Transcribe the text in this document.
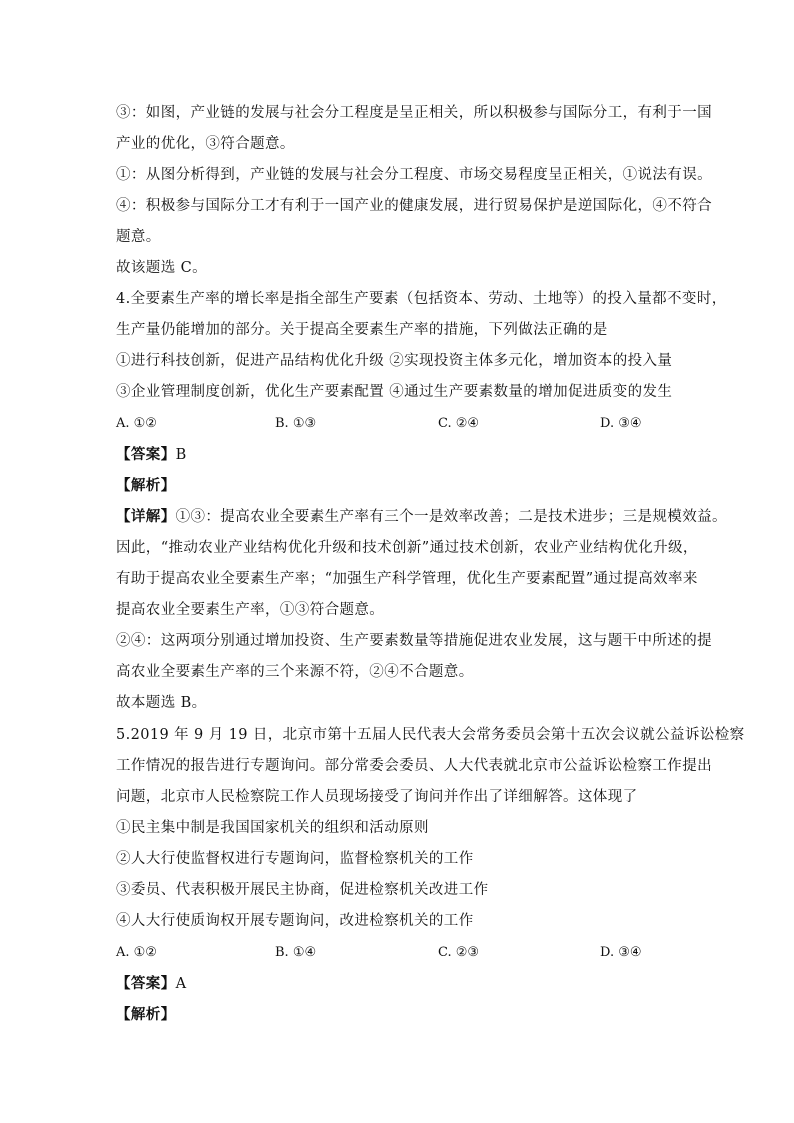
③：如图，产业链的发展与社会分工程度是呈正相关，所以积极参与国际分工，有利于一国
产业的优化，③符合题意。
①：从图分析得到，产业链的发展与社会分工程度、市场交易程度呈正相关，①说法有误。
④：积极参与国际分工才有利于一国产业的健康发展，进行贸易保护是逆国际化，④不符合
题意。
故该题选 C。
4.全要素生产率的增长率是指全部生产要素（包括资本、劳动、土地等）的投入量都不变时，
生产量仍能增加的部分。关于提高全要素生产率的措施，下列做法正确的是
①进行科技创新，促进产品结构优化升级 ②实现投资主体多元化，增加资本的投入量
③企业管理制度创新，优化生产要素配置 ④通过生产要素数量的增加促进质变的发生
A. ①②	B. ①③	C. ②④	D. ③④
【答案】B
【解析】
【详解】①③：提高农业全要素生产率有三个一是效率改善；二是技术进步；三是规模效益。
因此，“推动农业产业结构优化升级和技术创新”通过技术创新，农业产业结构优化升级，
有助于提高农业全要素生产率；“加强生产科学管理，优化生产要素配置”通过提高效率来
提高农业全要素生产率，①③符合题意。
②④：这两项分别通过增加投资、生产要素数量等措施促进农业发展，这与题干中所述的提
高农业全要素生产率的三个来源不符，②④不合题意。
故本题选 B。
5.2019 年 9 月 19 日，北京市第十五届人民代表大会常务委员会第十五次会议就公益诉讼检察
工作情况的报告进行专题询问。部分常委会委员、人大代表就北京市公益诉讼检察工作提出
问题，北京市人民检察院工作人员现场接受了询问并作出了详细解答。这体现了
①民主集中制是我国国家机关的组织和活动原则
②人大行使监督权进行专题询问，监督检察机关的工作
③委员、代表积极开展民主协商，促进检察机关改进工作
④人大行使质询权开展专题询问，改进检察机关的工作
A. ①②	B. ①④	C. ②③	D. ③④
【答案】A
【解析】
